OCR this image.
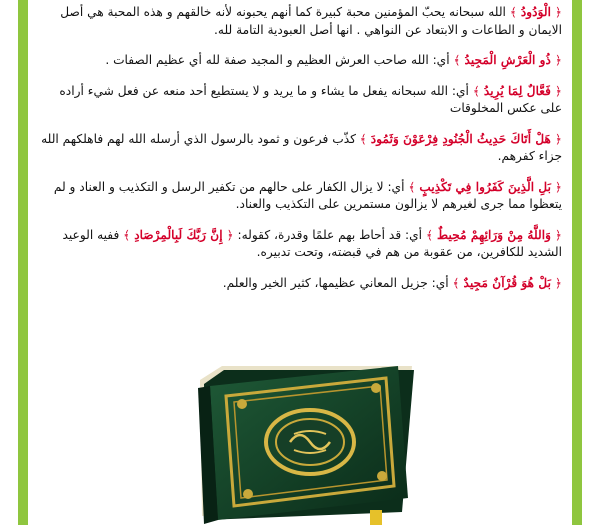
﴿ الْوَدُودُ ﴾ الله سبحانه يحبّ المؤمنين محبة كبيرة كما أنهم يحبونه لأنه خالقهم و هذه المحبة هي أصل الايمان و الطاعات و الابتعاد عن النواهي . انها أصل العبودية التامة لله.

﴿ ذُو الْعَرْشِ الْمَجِيدُ ﴾ أي: الله صاحب العرش العظيم و المجيد صفة لله أي عظيم الصفات .

﴿ فَعَّالٌ لِمَا يُرِيدُ ﴾ أي: الله سبحانه يفعل ما يشاء و ما يريد و لا يستطيع أحد منعه عن فعل شيء أراده على عكس المخلوقات

﴿ هَلْ أَتَاكَ حَدِيثُ الْجُنُودِ فِرْعَوْنَ وَثَمُودَ ﴾ كذّب فرعون و ثمود بالرسول الذي أرسله الله لهم فاهلكهم الله جزاء كفرهم.

﴿ بَلِ الَّذِينَ كَفَرُوا فِي تَكْذِيبٍ ﴾ أي: لا يزال الكفار على حالهم من تكفير الرسل و التكذيب و العناد و لم يتعظوا مما جرى لغيرهم لا يزالون مستمرين على التكذيب والعناد.

﴿ وَاللَّهُ مِنْ وَرَائِهِمْ مُحِيطٌ ﴾ أي: قد أحاط بهم علمًا وقدرة، كقوله: ﴿ إِنَّ رَبَّكَ لَبِالْمِرْصَادِ ﴾ ففيه الوعيد الشديد للكافرين، من عقوبة من هم في قبضته، وتحت تدبيره.

﴿ بَلْ هُوَ قُرْآنٌ مَجِيدٌ ﴾ أي: جزيل المعاني عظيمها، كثير الخير والعلم.
